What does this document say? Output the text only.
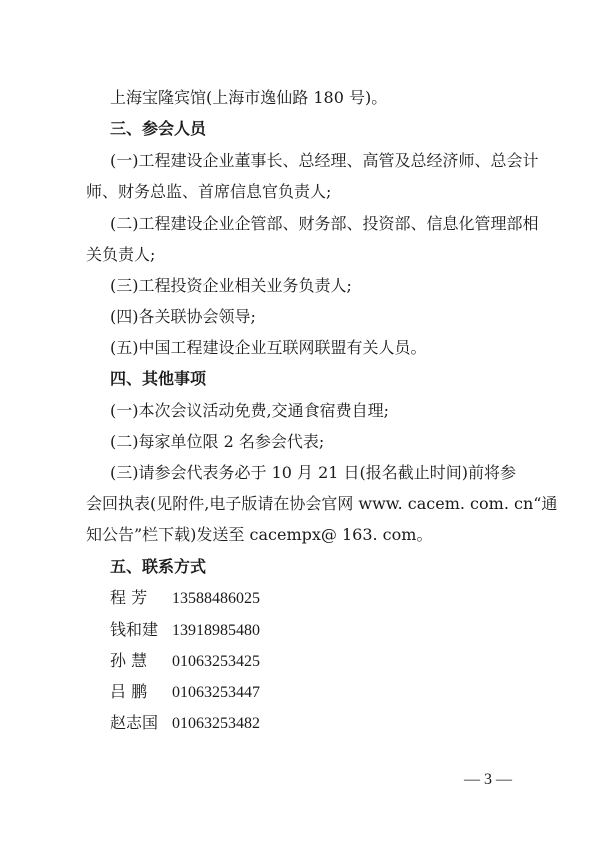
上海宝隆宾馆(上海市逸仙路 180 号)。
三、参会人员
(一)工程建设企业董事长、总经理、高管及总经济师、总会计
师、财务总监、首席信息官负责人;
(二)工程建设企业企管部、财务部、投资部、信息化管理部相
关负责人;
(三)工程投资企业相关业务负责人;
(四)各关联协会领导;
(五)中国工程建设企业互联网联盟有关人员。
四、其他事项
(一)本次会议活动免费,交通食宿费自理;
(二)每家单位限 2 名参会代表;
(三)请参会代表务必于 10 月 21 日(报名截止时间)前将参
会回执表(见附件,电子版请在协会官网 www. cacem. com. cn“通
知公告”栏下载)发送至 cacempx@ 163. com。
五、联系方式
程 芳 13588486025
钱和建 13918985480
孙 慧 01063253425
吕 鹏 01063253447
赵志国 01063253482
— 3 —
